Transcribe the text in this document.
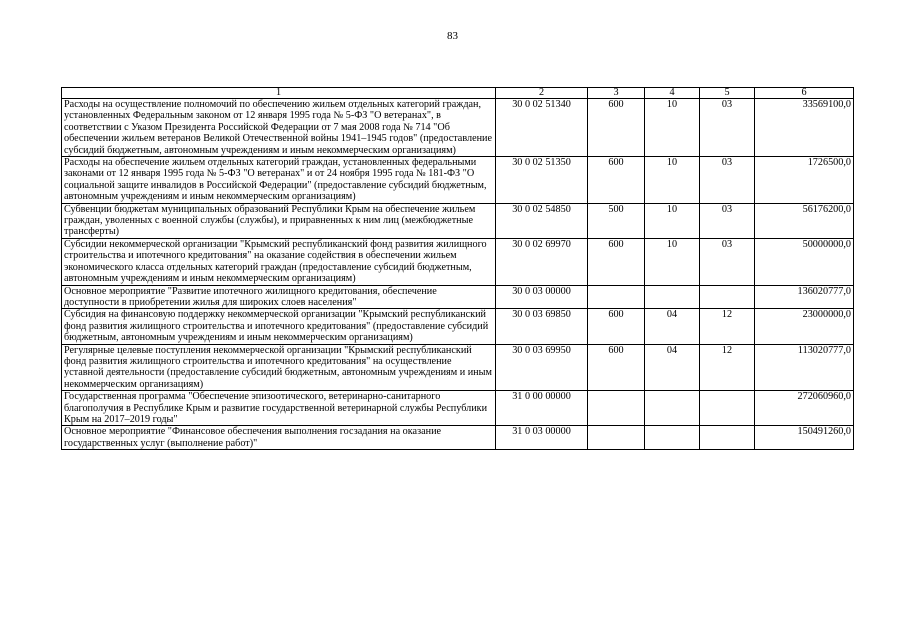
83
1	2	3	4	5	6
Расходы на осуществление полномочий по обеспечению жильем отдельных категорий граждан, установленных Федеральным законом от 12 января 1995 года № 5-ФЗ "О ветеранах", в соответствии с Указом Президента Российской Федерации от 7 мая 2008 года № 714 "Об обеспечении жильем ветеранов Великой Отечественной войны 1941–1945 годов" (предоставление субсидий бюджетным, автономным учреждениям и иным некоммерческим организациям)	30 0 02 51340	600	10	03	33569100,0
Расходы на обеспечение жильем отдельных категорий граждан, установленных федеральными законами от 12 января 1995 года № 5-ФЗ "О ветеранах" и от 24 ноября 1995 года № 181-ФЗ "О социальной защите инвалидов в Российской Федерации" (предоставление субсидий бюджетным, автономным учреждениям и иным некоммерческим организациям)	30 0 02 51350	600	10	03	1726500,0
Субвенции бюджетам муниципальных образований Республики Крым на обеспечение жильем граждан, уволенных с военной службы (службы), и приравненных к ним лиц (межбюджетные трансферты)	30 0 02 54850	500	10	03	56176200,0
Субсидии некоммерческой организации "Крымский республиканский фонд развития жилищного строительства и ипотечного кредитования" на оказание содействия в обеспечении жильем экономического класса отдельных категорий граждан (предоставление субсидий бюджетным, автономным учреждениям и иным некоммерческим организациям)	30 0 02 69970	600	10	03	50000000,0
Основное мероприятие "Развитие ипотечного жилищного кредитования, обеспечение доступности в приобретении жилья для широких слоев населения"	30 0 03 00000				136020777,0
Субсидия на финансовую поддержку некоммерческой организации "Крымский республиканский фонд развития жилищного строительства и ипотечного кредитования" (предоставление субсидий бюджетным, автономным учреждениям и иным некоммерческим организациям)	30 0 03 69850	600	04	12	23000000,0
Регулярные целевые поступления некоммерческой организации "Крымский республиканский фонд развития жилищного строительства и ипотечного кредитования" на осуществление уставной деятельности (предоставление субсидий бюджетным, автономным учреждениям и иным некоммерческим организациям)	30 0 03 69950	600	04	12	113020777,0
Государственная программа "Обеспечение эпизоотического, ветеринарно-санитарного благополучия в Республике Крым и развитие государственной ветеринарной службы Республики Крым на 2017–2019 годы"	31 0 00 00000				272060960,0
Основное мероприятие "Финансовое обеспечения выполнения госзадания на оказание государственных услуг (выполнение работ)"	31 0 03 00000				150491260,0
